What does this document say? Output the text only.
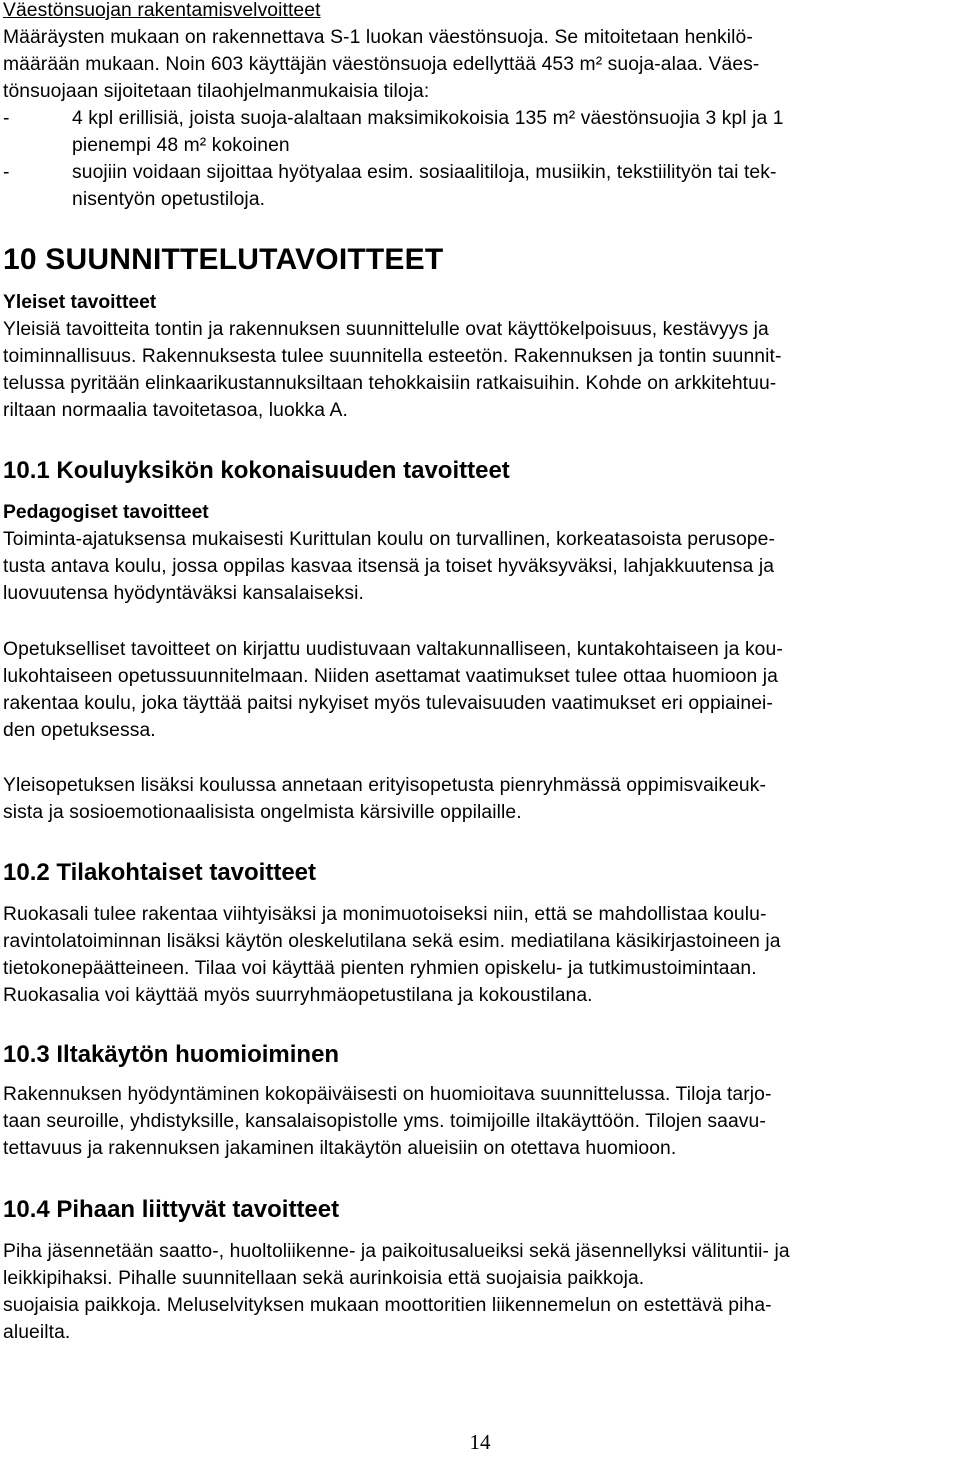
Väestönsuojan rakentamisvelvoitteet
Määräysten mukaan on rakennettava S-1 luokan väestönsuoja. Se mitoitetaan henkilö-
määrään mukaan. Noin 603 käyttäjän väestönsuoja edellyttää 453 m² suoja-alaa. Väes-
tönsuojaan sijoitetaan tilaohjelmanmukaisia tiloja:
-	4 kpl erillisiä, joista suoja-alaltaan maksimikokoisia 135 m² väestönsuojia 3 kpl ja 1
pienempi 48 m² kokoinen
-	suojiin voidaan sijoittaa hyötyalaa esim. sosiaalitiloja, musiikin, tekstiilityön tai tek-
nisentyön opetustiloja.
10 SUUNNITTELUTAVOITTEET
Yleiset tavoitteet
Yleisiä tavoitteita tontin ja rakennuksen suunnittelulle ovat käyttökelpoisuus, kestävyys ja
toiminnallisuus. Rakennuksesta tulee suunnitella esteetön. Rakennuksen ja tontin suunnit-
telussa pyritään elinkaarikustannuksiltaan tehokkaisiin ratkaisuihin. Kohde on arkkitehtuu-
riltaan normaalia tavoitetasoa, luokka A.
10.1 Kouluyksikön kokonaisuuden tavoitteet
Pedagogiset tavoitteet
Toiminta-ajatuksensa mukaisesti Kurittulan koulu on turvallinen, korkeatasoista perusope-
tusta antava koulu, jossa oppilas kasvaa itsensä ja toiset hyväksyväksi, lahjakkuutensa ja
luovuutensa hyödyntäväksi kansalaiseksi.
Opetukselliset tavoitteet on kirjattu uudistuvaan valtakunnalliseen, kuntakohtaiseen ja kou-
lukohtaiseen opetussuunnitelmaan. Niiden asettamat vaatimukset tulee ottaa huomioon ja
rakentaa koulu, joka täyttää paitsi nykyiset myös tulevaisuuden vaatimukset eri oppiainei-
den opetuksessa.
Yleisopetuksen lisäksi koulussa annetaan erityisopetusta pienryhmässä oppimisvaikeuk-
sista ja sosioemotionaalisista ongelmista kärsiville oppilaille.
10.2 Tilakohtaiset tavoitteet
Ruokasali tulee rakentaa viihtyisäksi ja monimuotoiseksi niin, että se mahdollistaa koulu-
ravintolatoiminnan lisäksi käytön oleskelutilana sekä esim. mediatilana käsikirjastoineen ja
tietokonepäätteineen. Tilaa voi käyttää pienten ryhmien opiskelu- ja tutkimustoimintaan.
Ruokasalia voi käyttää myös suurryhmäopetustilana ja kokoustilana.
10.3 Iltakäytön huomioiminen
Rakennuksen hyödyntäminen kokopäiväisesti on huomioitava suunnittelussa. Tiloja tarjo-
taan seuroille, yhdistyksille, kansalaisopistolle yms. toimijoille iltakäyttöön. Tilojen saavu-
tettavuus ja rakennuksen jakaminen iltakäytön alueisiin on otettava huomioon.
10.4 Pihaan liittyvät tavoitteet
Piha jäsennetään saatto-, huoltoliikenne- ja paikoitusalueiksi sekä jäsennellyksi välituntii- ja
leikkipihaksi. Pihalle suunnitellaan sekä aurinkoisia että suojaisia paikkoja.
suojaisia paikkoja. Meluselvityksen mukaan moottoritien liikennemelun on estettävä piha-
alueilta.
14
